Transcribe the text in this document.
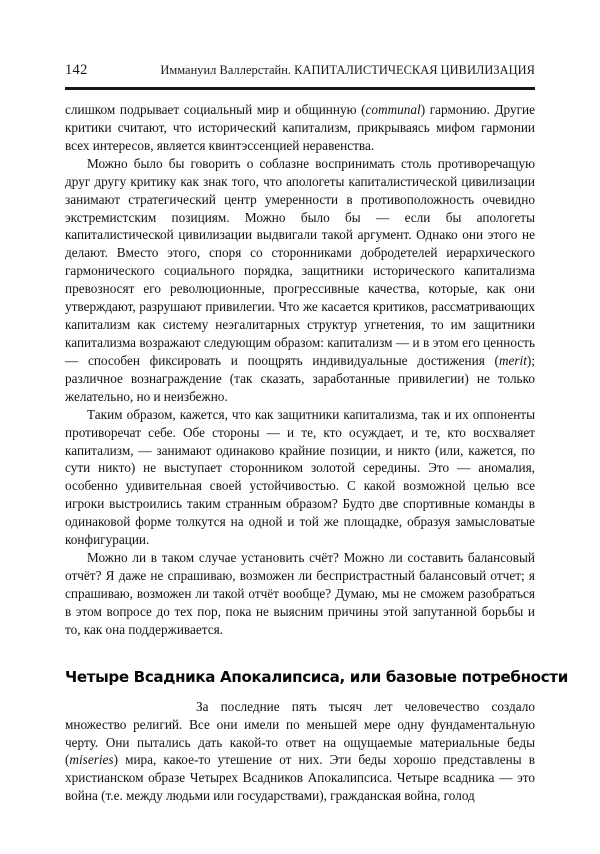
142	Иммануил Валлерстайн. КАПИТАЛИСТИЧЕСКАЯ ЦИВИЛИЗАЦИЯ

слишком подрывает социальный мир и общинную (communal) гармонию. Другие критики считают, что исторический капитализм, прикрываясь мифом гармонии всех интересов, является квинтэссенцией неравенства.

Можно было бы говорить о соблазне воспринимать столь противоречащую друг другу критику как знак того, что апологеты капиталистической цивилизации занимают стратегический центр умеренности в противоположность очевидно экстремистским позициям. Можно было бы — если бы апологеты капиталистической цивилизации выдвигали такой аргумент. Однако они этого не делают. Вместо этого, споря со сторонниками добродетелей иерархического гармонического социального порядка, защитники исторического капитализма превозносят его революционные, прогрессивные качества, которые, как они утверждают, разрушают привилегии. Что же касается критиков, рассматривающих капитализм как систему неэгалитарных структур угнетения, то им защитники капитализма возражают следующим образом: капитализм — и в этом его ценность — способен фиксировать и поощрять индивидуальные достижения (merit); различное вознаграждение (так сказать, заработанные привилегии) не только желательно, но и неизбежно.

Таким образом, кажется, что как защитники капитализма, так и их оппоненты противоречат себе. Обе стороны — и те, кто осуждает, и те, кто восхваляет капитализм, — занимают одинаково крайние позиции, и никто (или, кажется, по сути никто) не выступает сторонником золотой середины. Это — аномалия, особенно удивительная своей устойчивостью. С какой возможной целью все игроки выстроились таким странным образом? Будто две спортивные команды в одинаковой форме толкутся на одной и той же площадке, образуя замысловатые конфигурации.

Можно ли в таком случае установить счёт? Можно ли составить балансовый отчёт? Я даже не спрашиваю, возможен ли беспристрастный балансовый отчет; я спрашиваю, возможен ли такой отчёт вообще? Думаю, мы не сможем разобраться в этом вопросе до тех пор, пока не выясним причины этой запутанной борьбы и то, как она поддерживается.

Четыре Всадника Апокалипсиса, или базовые потребности

За последние пять тысяч лет человечество создало множество религий. Все они имели по меньшей мере одну фундаментальную черту. Они пытались дать какой-то ответ на ощущаемые материальные беды (miseries) мира, какое-то утешение от них. Эти беды хорошо представлены в христианском образе Четырех Всадников Апокалипсиса. Четыре всадника — это война (т.е. между людьми или государствами), гражданская война, голод
